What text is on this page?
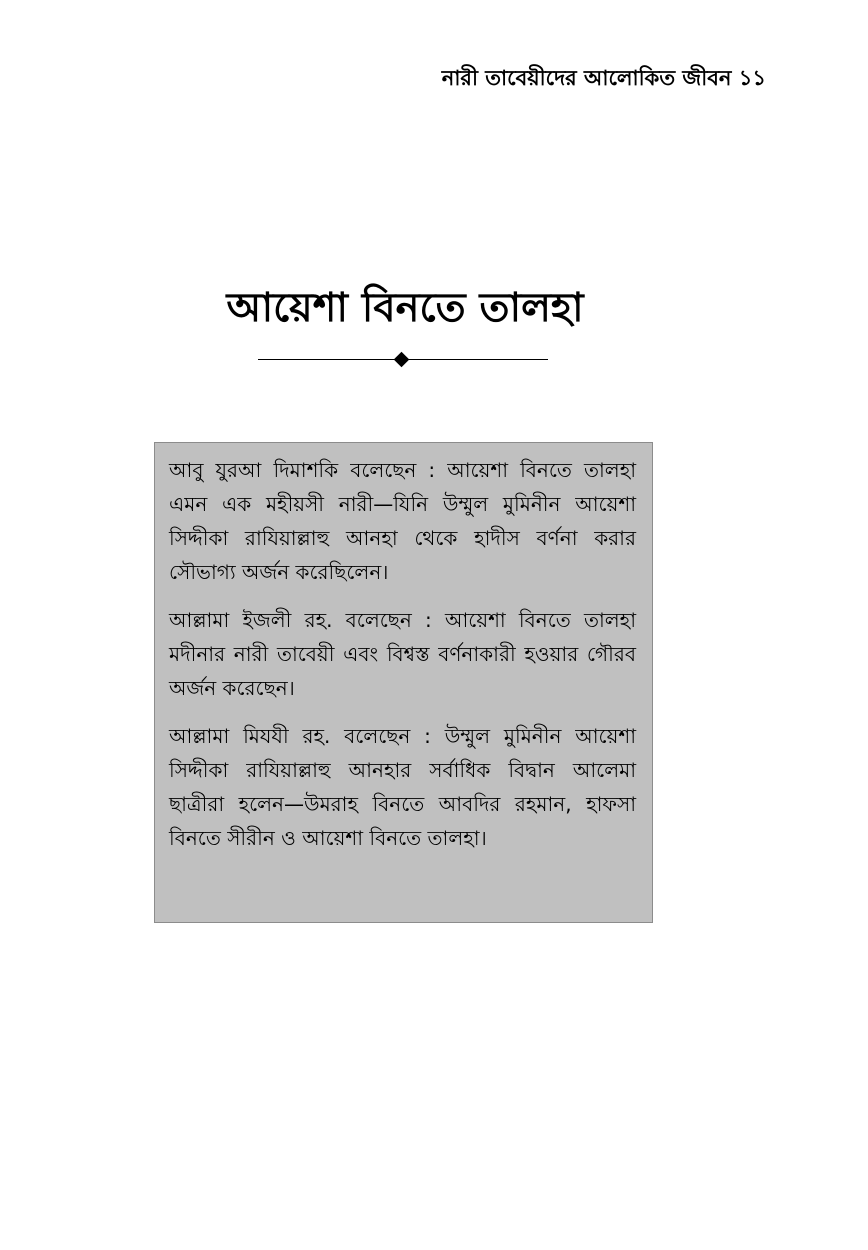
নারী তাবেয়ীদের আলোকিত জীবন ১১
আয়েশা বিনতে তালহা

আবু যুরআ দিমাশকি বলেছেন : আয়েশা বিনতে তালহা এমন এক মহীয়সী নারী—যিনি উম্মুল মুমিনীন আয়েশা সিদ্দীকা রাযিয়াল্লাহু আনহা থেকে হাদীস বর্ণনা করার সৌভাগ্য অর্জন করেছিলেন।

আল্লামা ইজলী রহ. বলেছেন : আয়েশা বিনতে তালহা মদীনার নারী তাবেয়ী এবং বিশ্বস্ত বর্ণনাকারী হওয়ার গৌরব অর্জন করেছেন।

আল্লামা মিযযী রহ. বলেছেন : উম্মুল মুমিনীন আয়েশা সিদ্দীকা রাযিয়াল্লাহু আনহার সর্বাধিক বিদ্বান আলেমা ছাত্রীরা হলেন—উমরাহ বিনতে আবদির রহমান, হাফসা বিনতে সীরীন ও আয়েশা বিনতে তালহা।
